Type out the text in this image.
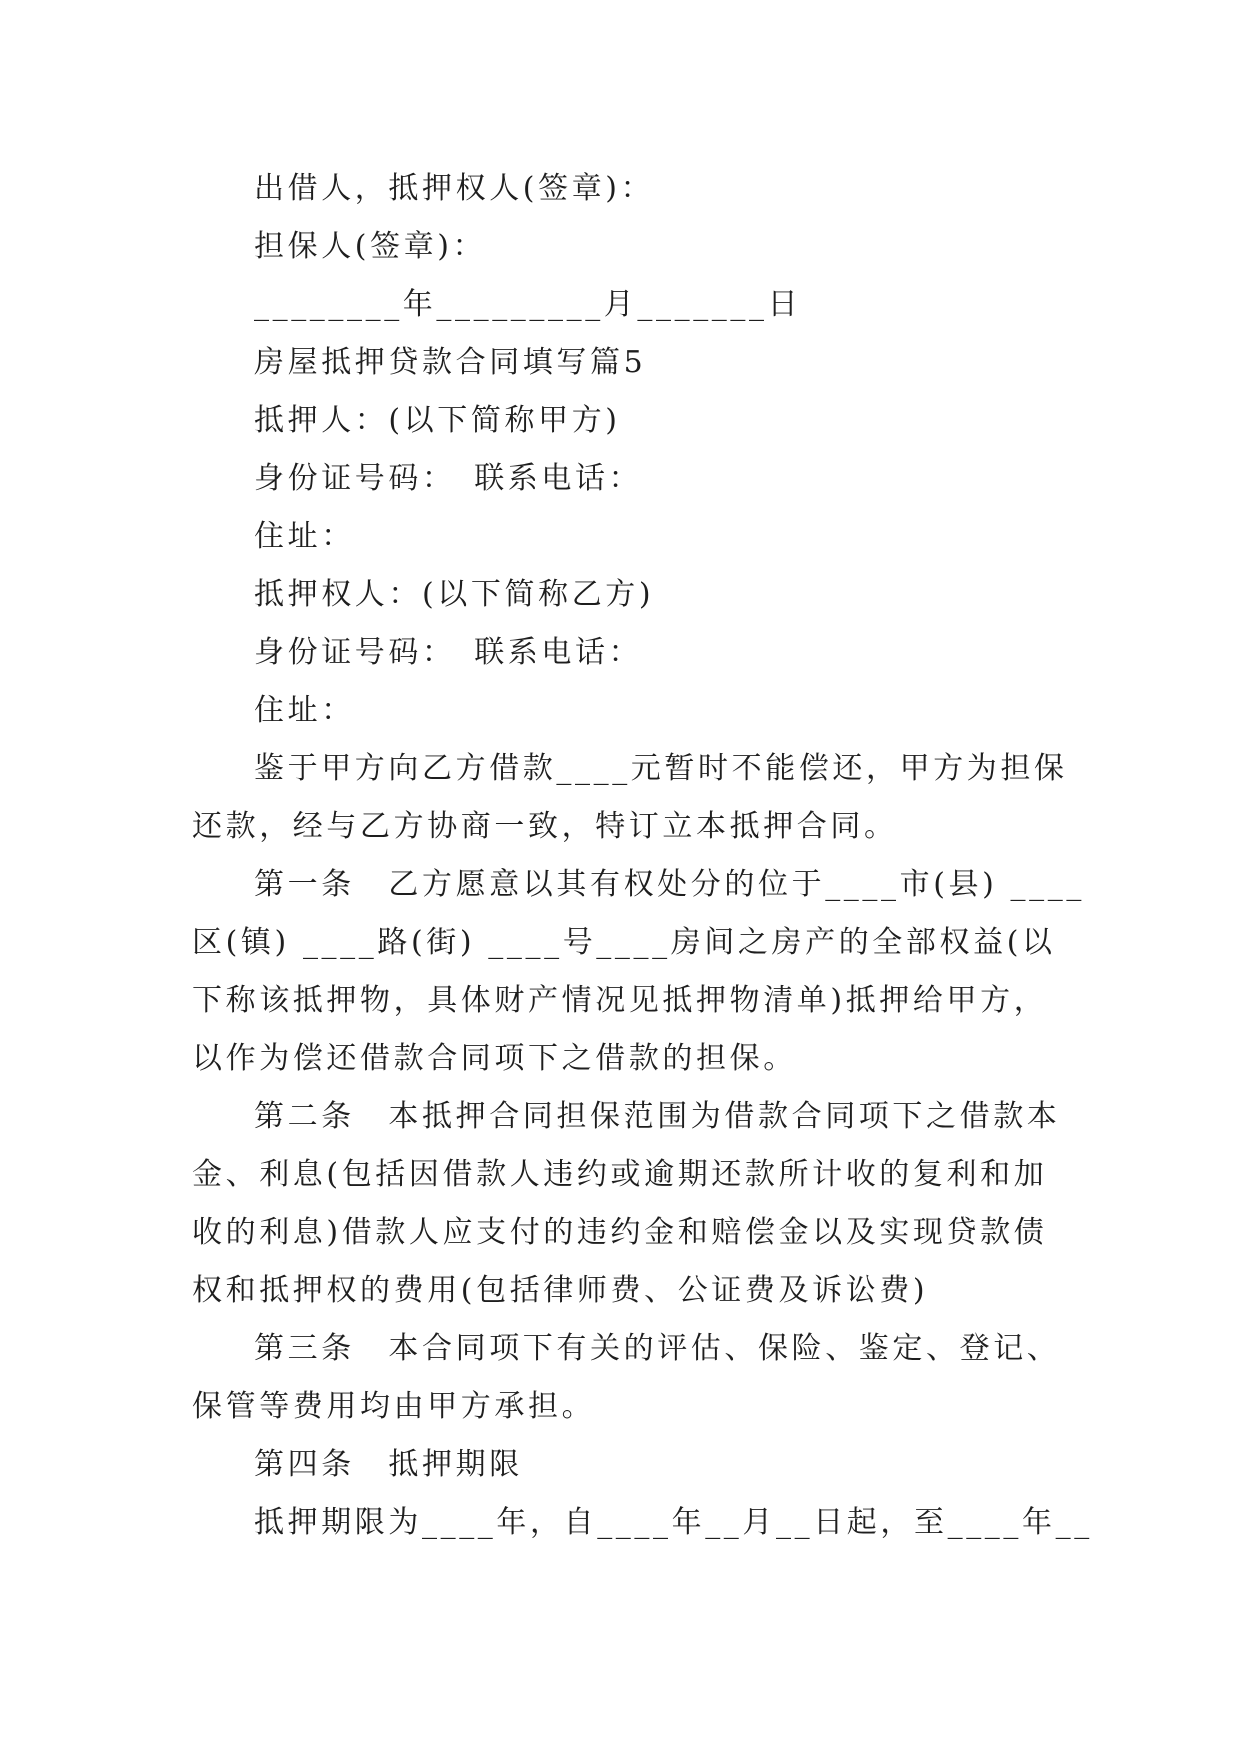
出借人，抵押权人(签章)：
担保人(签章)：
________年_________月_______日
房屋抵押贷款合同填写篇5
抵押人：(以下简称甲方)
身份证号码：　联系电话：
住址：
抵押权人：(以下简称乙方)
身份证号码：　联系电话：
住址：
鉴于甲方向乙方借款____元暂时不能偿还，甲方为担保
还款，经与乙方协商一致，特订立本抵押合同。
第一条　乙方愿意以其有权处分的位于____市(县) ____
区(镇) ____路(街) ____号____房间之房产的全部权益(以
下称该抵押物，具体财产情况见抵押物清单)抵押给甲方，
以作为偿还借款合同项下之借款的担保。
第二条　本抵押合同担保范围为借款合同项下之借款本
金、利息(包括因借款人违约或逾期还款所计收的复利和加
收的利息)借款人应支付的违约金和赔偿金以及实现贷款债
权和抵押权的费用(包括律师费、公证费及诉讼费)
第三条　本合同项下有关的评估、保险、鉴定、登记、
保管等费用均由甲方承担。
第四条　抵押期限
抵押期限为____年，自____年__月__日起，至____年__
